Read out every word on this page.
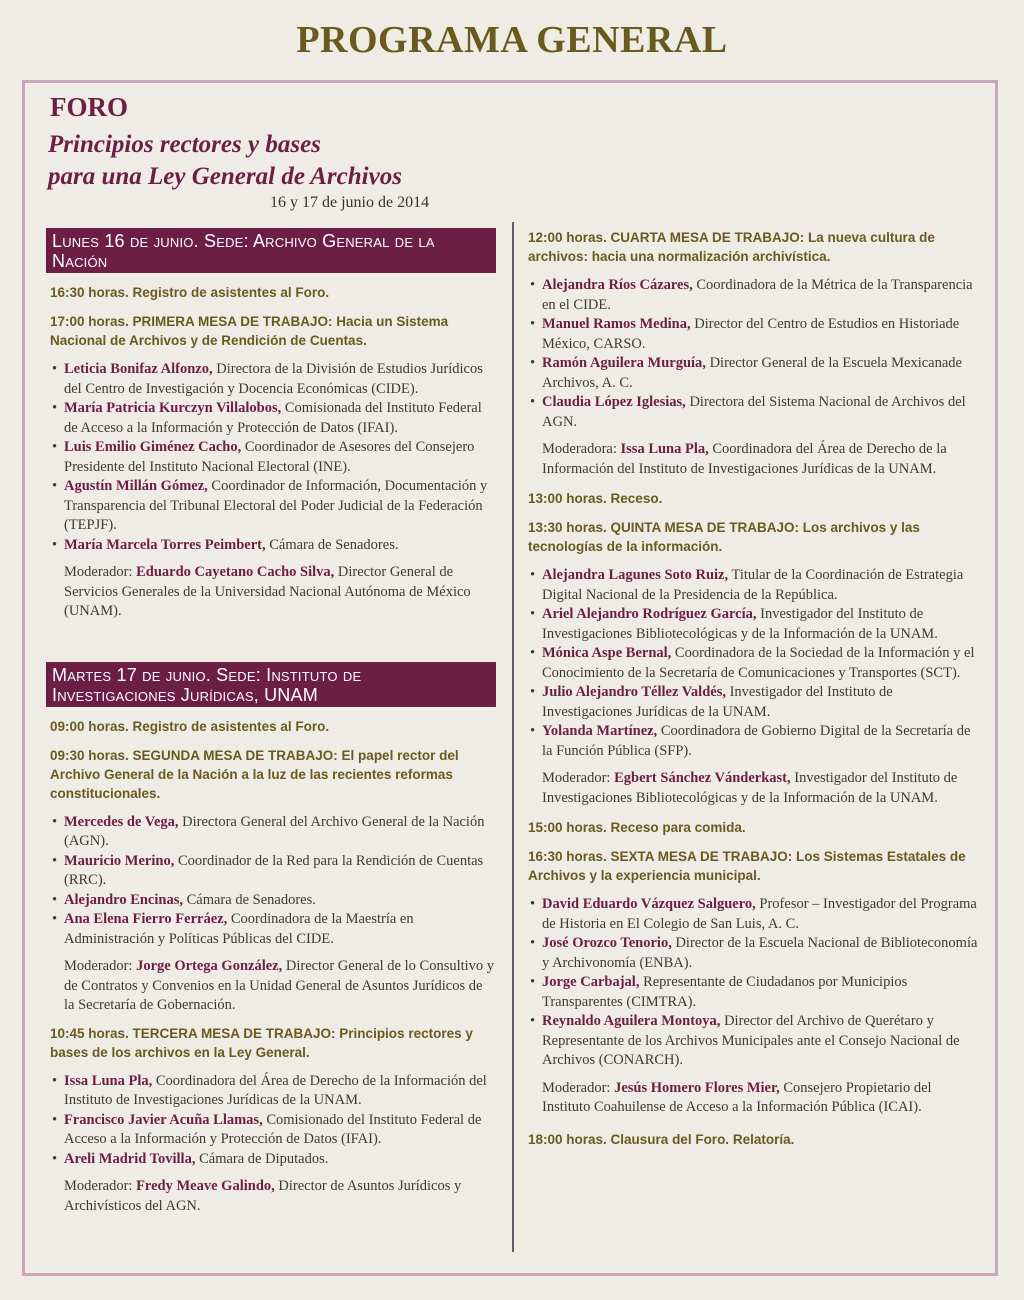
PROGRAMA GENERAL
FORO
Principios rectores y bases
para una Ley General de Archivos
16 y 17 de junio de 2014
Lunes 16 de junio. Sede: Archivo General de la Nación

16:30 horas. Registro de asistentes al Foro.

17:00 horas. PRIMERA MESA DE TRABAJO: Hacia un Sistema Nacional de Archivos y de Rendición de Cuentas.

• Leticia Bonifaz Alfonzo, Directora de la División de Estudios Jurídicos del Centro de Investigación y Docencia Económicas (CIDE).
• María Patricia Kurczyn Villalobos, Comisionada del Instituto Federal de Acceso a la Información y Protección de Datos (IFAI).
• Luis Emilio Giménez Cacho, Coordinador de Asesores del Consejero Presidente del Instituto Nacional Electoral (INE).
• Agustín Millán Gómez, Coordinador de Información, Documentación y Transparencia del Tribunal Electoral del Poder Judicial de la Federación (TEPJF).
• María Marcela Torres Peimbert, Cámara de Senadores.
Moderador: Eduardo Cayetano Cacho Silva, Director General de Servicios Generales de la Universidad Nacional Autónoma de México (UNAM).
Martes 17 de junio. Sede: Instituto de Investigaciones Jurídicas, UNAM

09:00 horas. Registro de asistentes al Foro.

09:30 horas. SEGUNDA MESA DE TRABAJO: El papel rector del Archivo General de la Nación a la luz de las recientes reformas constitucionales.

• Mercedes de Vega, Directora General del Archivo General de la Nación (AGN).
• Mauricio Merino, Coordinador de la Red para la Rendición de Cuentas (RRC).
• Alejandro Encinas, Cámara de Senadores.
• Ana Elena Fierro Ferráez, Coordinadora de la Maestría en Administración y Políticas Públicas del CIDE.
Moderador: Jorge Ortega González, Director General de lo Consultivo y de Contratos y Convenios en la Unidad General de Asuntos Jurídicos de la Secretaría de Gobernación.

10:45 horas. TERCERA MESA DE TRABAJO: Principios rectores y bases de los archivos en la Ley General.

• Issa Luna Pla, Coordinadora del Área de Derecho de la Información del Instituto de Investigaciones Jurídicas de la UNAM.
• Francisco Javier Acuña Llamas, Comisionado del Instituto Federal de Acceso a la Información y Protección de Datos (IFAI).
• Areli Madrid Tovilla, Cámara de Diputados.
Moderador: Fredy Meave Galindo, Director de Asuntos Jurídicos y Archivísticos del AGN.

12:00 horas. CUARTA MESA DE TRABAJO: La nueva cultura de archivos: hacia una normalización archivística.

• Alejandra Ríos Cázares, Coordinadora de la Métrica de la Transparencia en el CIDE.
• Manuel Ramos Medina, Director del Centro de Estudios en Historiade México, CARSO.
• Ramón Aguilera Murguía, Director General de la Escuela Mexicanade Archivos, A. C.
• Claudia López Iglesias, Directora del Sistema Nacional de Archivos del AGN.
Moderadora: Issa Luna Pla, Coordinadora del Área de Derecho de la Información del Instituto de Investigaciones Jurídicas de la UNAM.

13:00 horas. Receso.

13:30 horas. QUINTA MESA DE TRABAJO: Los archivos y las tecnologías de la información.

• Alejandra Lagunes Soto Ruiz, Titular de la Coordinación de Estrategia Digital Nacional de la Presidencia de la República.
• Ariel Alejandro Rodríguez García, Investigador del Instituto de Investigaciones Bibliotecológicas y de la Información de la UNAM.
• Mónica Aspe Bernal, Coordinadora de la Sociedad de la Información y el Conocimiento de la Secretaría de Comunicaciones y Transportes (SCT).
• Julio Alejandro Téllez Valdés, Investigador del Instituto de Investigaciones Jurídicas de la UNAM.
• Yolanda Martínez, Coordinadora de Gobierno Digital de la Secretaría de la Función Pública (SFP).
Moderador: Egbert Sánchez Vánderkast, Investigador del Instituto de Investigaciones Bibliotecológicas y de la Información de la UNAM.

15:00 horas. Receso para comida.

16:30 horas. SEXTA MESA DE TRABAJO: Los Sistemas Estatales de Archivos y la experiencia municipal.

• David Eduardo Vázquez Salguero, Profesor – Investigador del Programa de Historia en El Colegio de San Luis, A. C.
• José Orozco Tenorio, Director de la Escuela Nacional de Biblioteconomía y Archivonomía (ENBA).
• Jorge Carbajal, Representante de Ciudadanos por Municipios Transparentes (CIMTRA).
• Reynaldo Aguilera Montoya, Director del Archivo de Querétaro y Representante de los Archivos Municipales ante el Consejo Nacional de Archivos (CONARCH).
Moderador: Jesús Homero Flores Mier, Consejero Propietario del Instituto Coahuilense de Acceso a la Información Pública (ICAI).

18:00 horas. Clausura del Foro. Relatoría.
